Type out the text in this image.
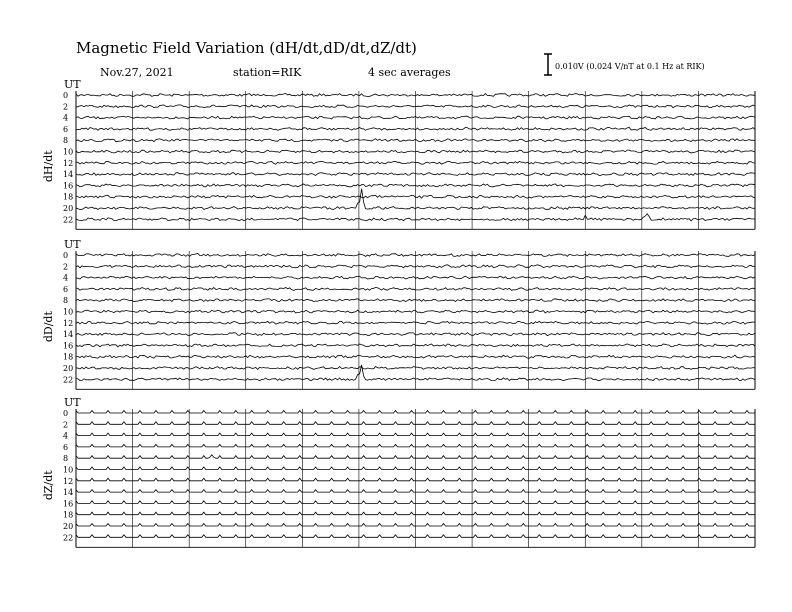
Magnetic Field Variation (dH/dt,dD/dt,dZ/dt)
Nov.27, 2021	station=RIK	4 sec averages	0.010V (0.024 V/nT at 0.1 Hz at RIK)
UT
dH/dt
0
2
4
6
8
10
12
14
16
18
20
22
UT
dD/dt
0
2
4
6
8
10
12
14
16
18
20
22
UT
dZ/dt
0
2
4
6
8
10
12
14
16
18
20
22
